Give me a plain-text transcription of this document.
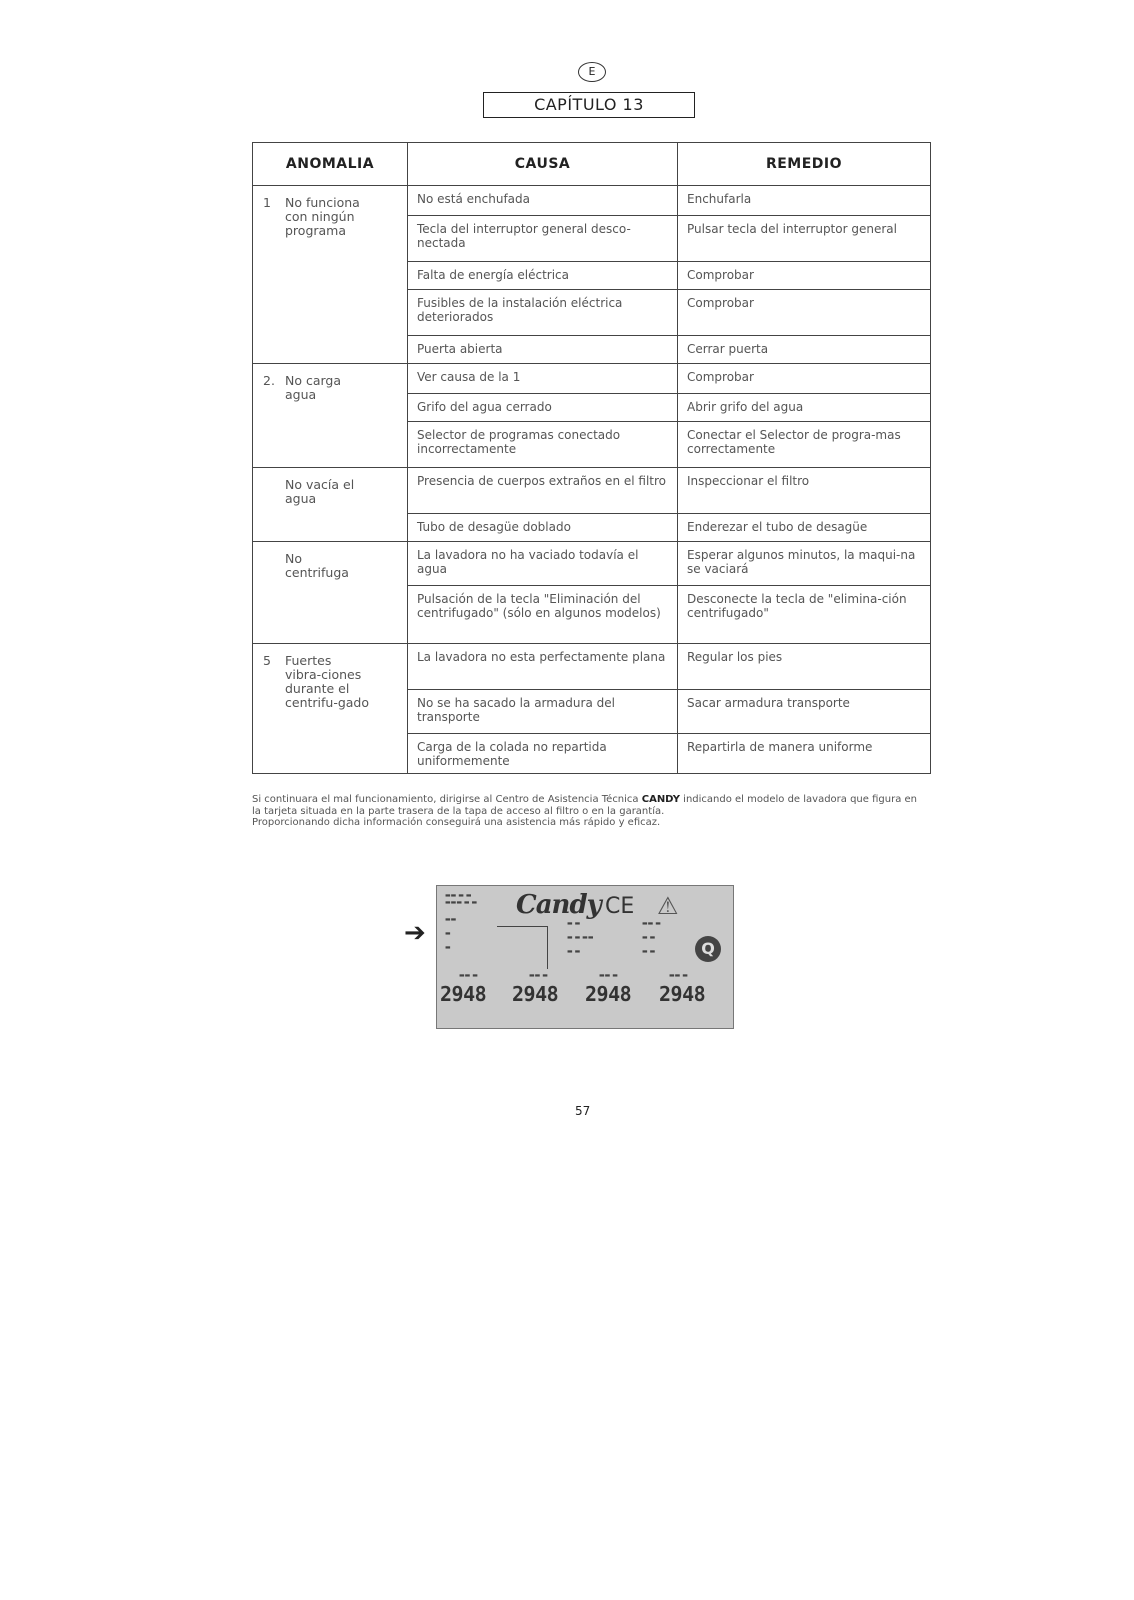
E
CAPÍTULO 13
ANOMALIA	CAUSA	REMEDIO
1 No funciona con ningún programa	No está enchufada	Enchufarla
	Tecla del interruptor general desco-nectada	Pulsar tecla del interruptor general
	Falta de energía eléctrica	Comprobar
	Fusibles de la instalación eléctrica deteriorados	Comprobar
	Puerta abierta	Cerrar puerta
2. No carga agua	Ver causa de la 1	Comprobar
	Grifo del agua cerrado	Abrir grifo del agua
	Selector de programas conectado incorrectamente	Conectar el Selector de progra-mas correctamente
No vacía el agua	Presencia de cuerpos extraños en el filtro	Inspeccionar el filtro
	Tubo de desagüe doblado	Enderezar el tubo de desagüe
No centrifuga	La lavadora no ha vaciado todavía el agua	Esperar algunos minutos, la maqui-na se vaciará
	Pulsación de la tecla "Eliminación del centrifugado" (sólo en algunos modelos)	Desconecte la tecla de "elimina-ción centrifugado"
5 Fuertes vibra-ciones durante el centrifu-gado	La lavadora no esta perfectamente plana	Regular los pies
	No se ha sacado la armadura del transporte	Sacar armadura transporte
	Carga de la colada no repartida uniformemente	Repartirla de manera uniforme
Si continuara el mal funcionamiento, dirigirse al Centro de Asistencia Técnica CANDY indicando el modelo de lavadora que figura en la tarjeta situada en la parte trasera de la tapa de acceso al filtro o en la garantía.
Proporcionando dicha información conseguirá una asistencia más rápido y eficaz.
➔
▬▬ ▬ ▬
▬▬▬ ▬ ▬ Candy CE ⚠
▬▬

▬

▬
▬ ▬

▬ ▬ ▬▬

▬ ▬
▬▬ ▬

▬ ▬

▬ ▬	Q
▬▬ ▬	▬▬ ▬	▬▬ ▬	▬▬ ▬
2948 2948 2948 2948
57
